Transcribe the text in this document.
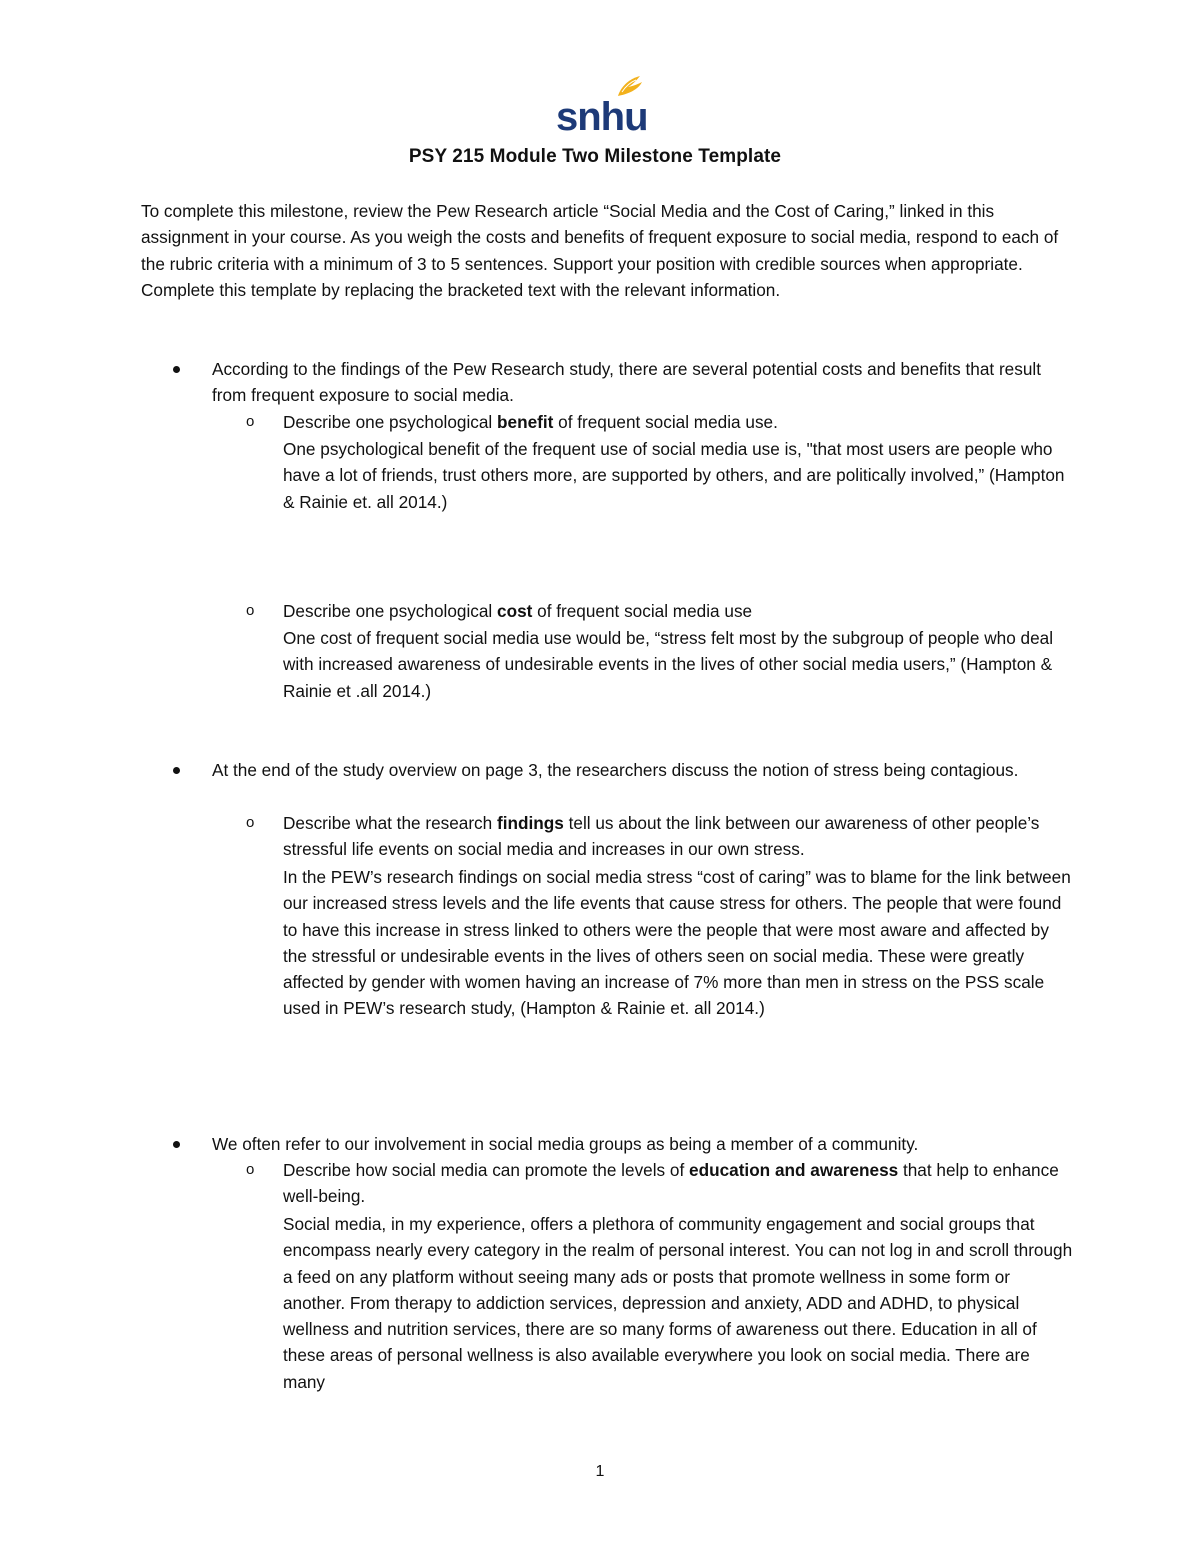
snhu
PSY 215 Module Two Milestone Template
To complete this milestone, review the Pew Research article “Social Media and the Cost of Caring,” linked in this assignment in your course. As you weigh the costs and benefits of frequent exposure to social media, respond to each of the rubric criteria with a minimum of 3 to 5 sentences. Support your position with credible sources when appropriate. Complete this template by replacing the bracketed text with the relevant information.
According to the findings of the Pew Research study, there are several potential costs and benefits that result from frequent exposure to social media.
o Describe one psychological benefit of frequent social media use.
One psychological benefit of the frequent use of social media use is, "that most users are people who have a lot of friends, trust others more, are supported by others, and are politically involved,” (Hampton & Rainie et. all 2014.)
o Describe one psychological cost of frequent social media use
One cost of frequent social media use would be, “stress felt most by the subgroup of people who deal with increased awareness of undesirable events in the lives of other social media users,” (Hampton & Rainie et .all 2014.)
At the end of the study overview on page 3, the researchers discuss the notion of stress being contagious.
o Describe what the research findings tell us about the link between our awareness of other people’s stressful life events on social media and increases in our own stress.
In the PEW’s research findings on social media stress “cost of caring” was to blame for the link between our increased stress levels and the life events that cause stress for others. The people that were found to have this increase in stress linked to others were the people that were most aware and affected by the stressful or undesirable events in the lives of others seen on social media. These were greatly affected by gender with women having an increase of 7% more than men in stress on the PSS scale used in PEW’s research study, (Hampton & Rainie et. all 2014.)
We often refer to our involvement in social media groups as being a member of a community.
o Describe how social media can promote the levels of education and awareness that help to enhance well-being.
Social media, in my experience, offers a plethora of community engagement and social groups that encompass nearly every category in the realm of personal interest. You can not log in and scroll through a feed on any platform without seeing many ads or posts that promote wellness in some form or another. From therapy to addiction services, depression and anxiety, ADD and ADHD, to physical wellness and nutrition services, there are so many forms of awareness out there. Education in all of these areas of personal wellness is also available everywhere you look on social media. There are many
1
